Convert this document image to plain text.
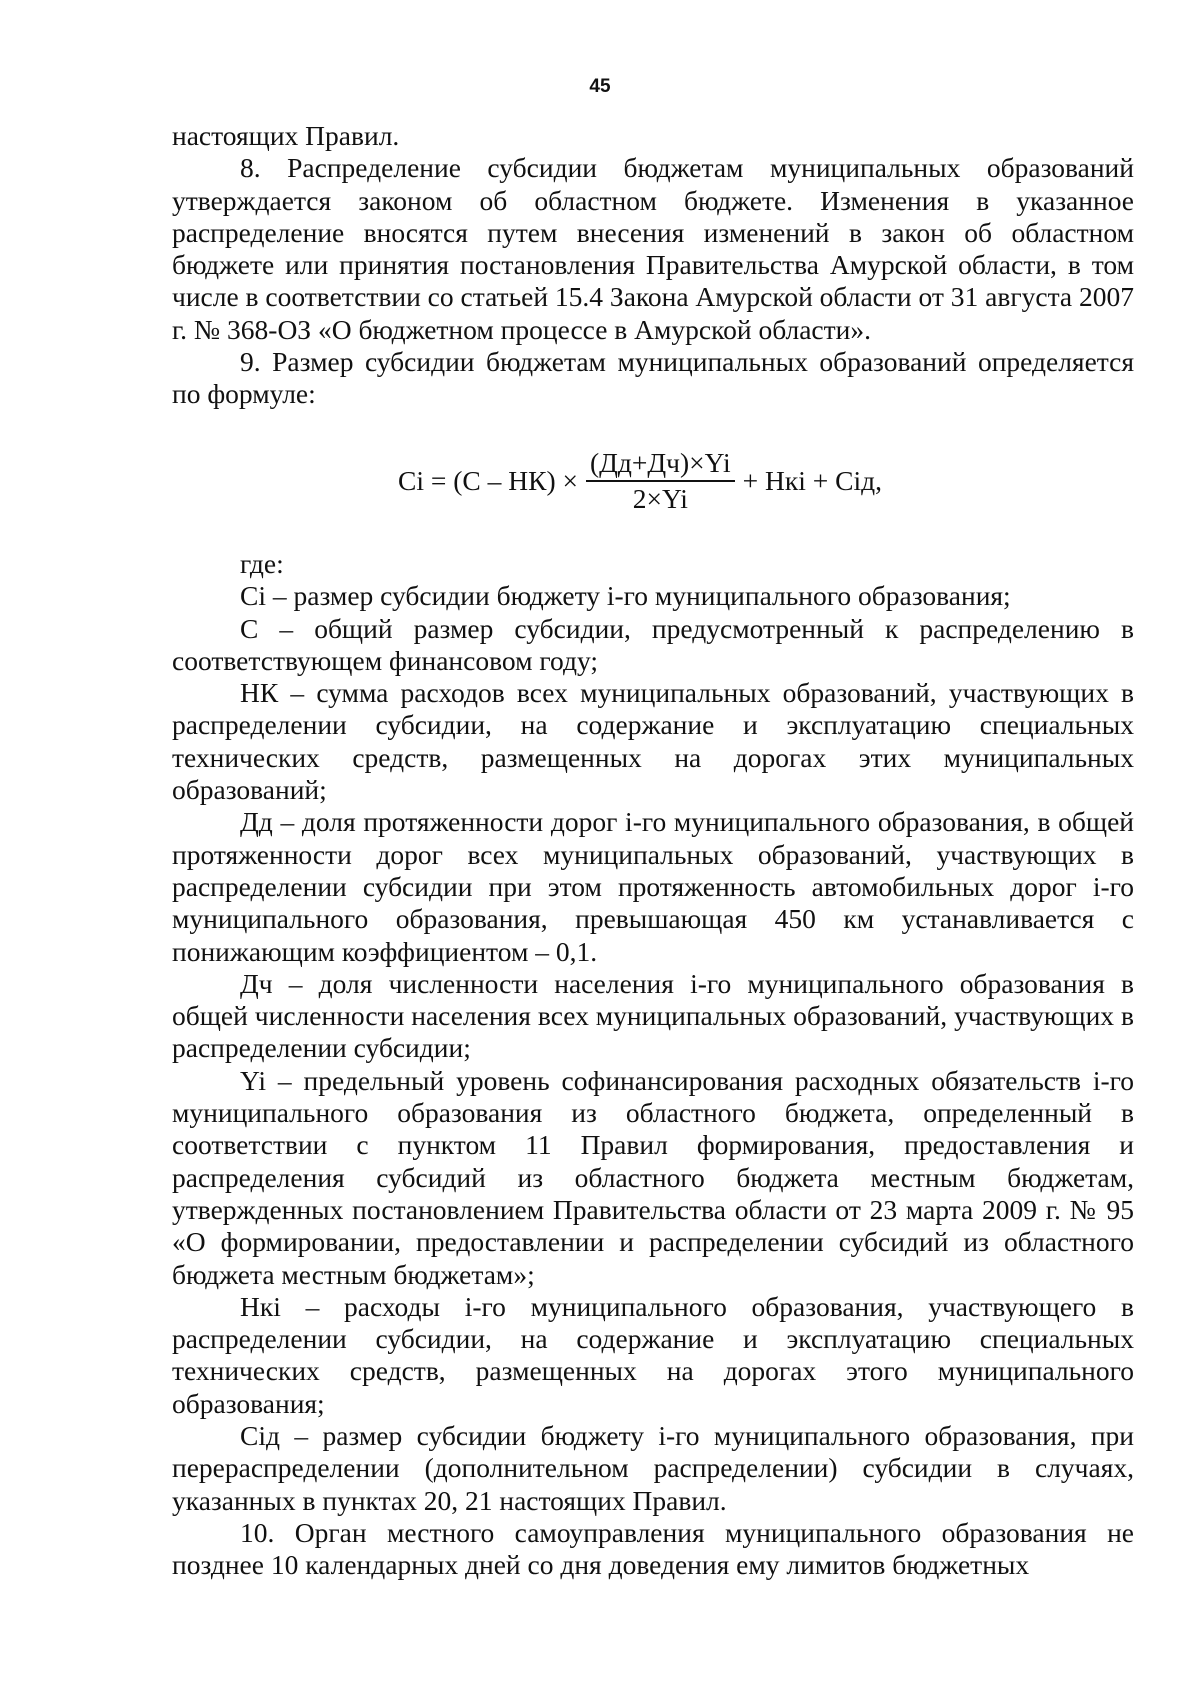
45

настоящих Правил.

8. Распределение субсидии бюджетам муниципальных образований утверждается законом об областном бюджете. Изменения в указанное распределение вносятся путем внесения изменений в закон об областном бюджете или принятия постановления Правительства Амурской области, в том числе в соответствии со статьей 15.4 Закона Амурской области от 31 августа 2007 г. № 368-ОЗ «О бюджетном процессе в Амурской области».

9. Размер субсидии бюджетам муниципальных образований определяется по формуле:

$Ci = (C - НК) \times \frac{(Дд+Дч)\times Yi}{2\times Yi}$ + Нкi + Ciд,

где:

Ci – размер субсидии бюджету i-го муниципального образования;

C – общий размер субсидии, предусмотренный к распределению в соответствующем финансовом году;

НК – сумма расходов всех муниципальных образований, участвующих в распределении субсидии, на содержание и эксплуатацию специальных технических средств, размещенных на дорогах этих муниципальных образований;

Дд – доля протяженности дорог i-го муниципального образования, в общей протяженности дорог всех муниципальных образований, участвующих в распределении субсидии при этом протяженность автомобильных дорог i-го муниципального образования, превышающая 450 км устанавливается с понижающим коэффициентом – 0,1.

Дч – доля численности населения i-го муниципального образования в общей численности населения всех муниципальных образований, участвующих в распределении субсидии;

Yi – предельный уровень софинансирования расходных обязательств i-го муниципального образования из областного бюджета, определенный в соответствии с пунктом 11 Правил формирования, предоставления и распределения субсидий из областного бюджета местным бюджетам, утвержденных постановлением Правительства области от 23 марта 2009 г. № 95 «О формировании, предоставлении и распределении субсидий из областного бюджета местным бюджетам»;

Нкi – расходы i-го муниципального образования, участвующего в распределении субсидии, на содержание и эксплуатацию специальных технических средств, размещенных на дорогах этого муниципального образования;

Ciд – размер субсидии бюджету i-го муниципального образования, при перераспределении (дополнительном распределении) субсидии в случаях, указанных в пунктах 20, 21 настоящих Правил.

10. Орган местного самоуправления муниципального образования не позднее 10 календарных дней со дня доведения ему лимитов бюджетных
